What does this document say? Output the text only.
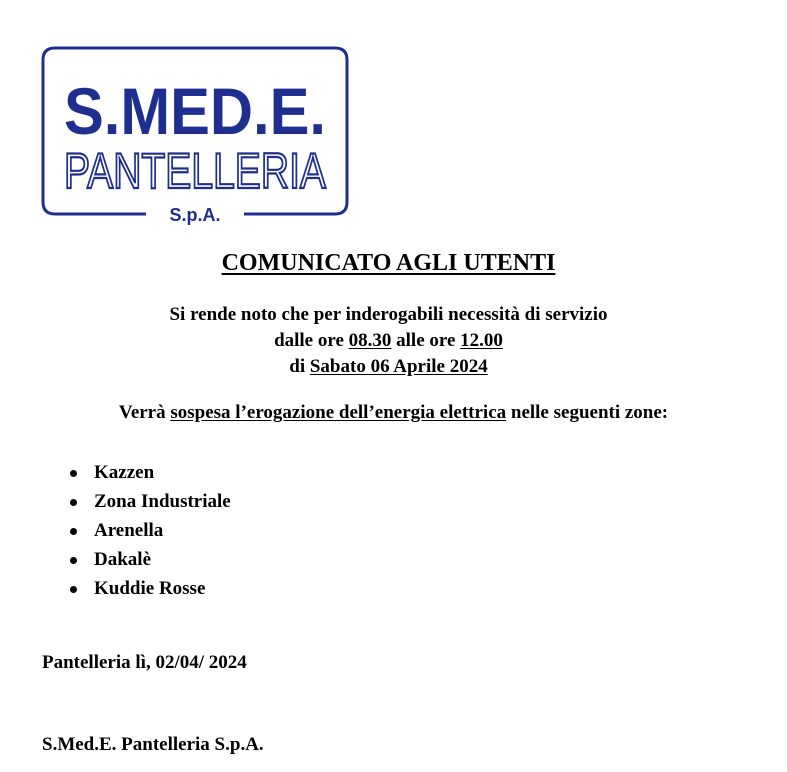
S.MED.E.
PANTELLERIA
S.p.A.
COMUNICATO AGLI UTENTI
Si rende noto che per inderogabili necessità di servizio
dalle ore 08.30 alle ore 12.00
di Sabato 06 Aprile 2024
Verrà sospesa l’erogazione dell’energia elettrica nelle seguenti zone:
Kazzen
Zona Industriale
Arenella
Dakalè
Kuddie Rosse
Pantelleria lì, 02/04/ 2024
S.Med.E. Pantelleria S.p.A.
